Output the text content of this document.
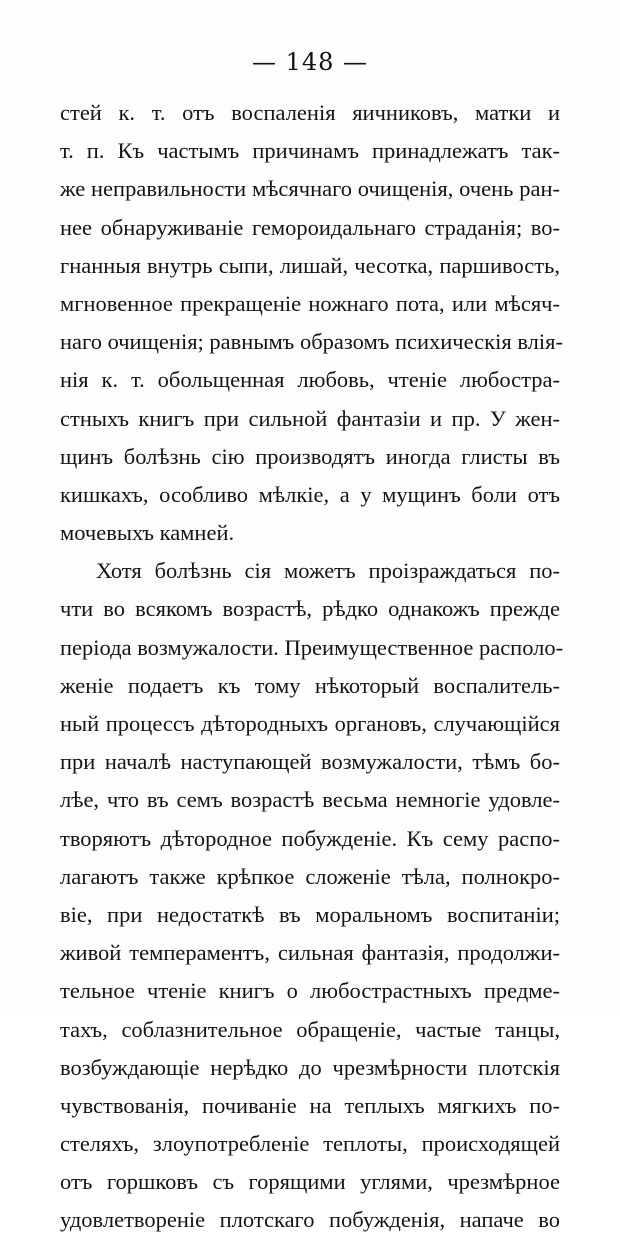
— 148 —
стей к. т. отъ воспаленія яичниковъ, матки и
т. п. Къ частымъ причинамъ принадлежатъ так-
же неправильности мѣсячнаго очищенія, очень ран-
нее обнаруживаніе гемороидальнаго страданія; во-
гнанныя внутрь сыпи, лишай, чесотка, паршивость,
мгновенное прекращеніе ножнаго пота, или мѣсяч-
наго очищенія; равнымъ образомъ психическія влія-
нія к. т. обольщенная любовь, чтеніе любостра-
стныхъ книгъ при сильной фантазіи и пр. У жен-
щинъ болѣзнь сію производятъ иногда глисты въ
кишкахъ, особливо мѣлкіе, а у мущинъ боли отъ
мочевыхъ камней.
Хотя болѣзнь сія можетъ проізраждаться по-
чти во всякомъ возрастѣ, рѣдко однакожъ прежде
періода возмужалости. Преимущественное располо-
женіе подаетъ къ тому нѣкоторый воспалитель-
ный процессъ дѣтородныхъ органовъ, случающійся
при началѣ наступающей возмужалости, тѣмъ бо-
лѣе, что въ семъ возрастѣ весьма немногіе удовле-
творяютъ дѣтородное побужденіе. Къ сему распо-
лагаютъ также крѣпкое сложеніе тѣла, полнокро-
віе, при недостаткѣ въ моральномъ воспитаніи;
живой темпераментъ, сильная фантазія, продолжи-
тельное чтеніе книгъ о любострастныхъ предме-
тахъ, соблазнительное обращеніе, частые танцы,
возбуждающіе нерѣдко до чрезмѣрности плотскія
чувствованія, почиваніе на теплыхъ мягкихъ по-
стеляхъ, злоупотребленіе теплоты, происходящей
отъ горшковъ съ горящими углями, чрезмѣрное
удовлетвореніе плотскаго побужденія, напаче во
